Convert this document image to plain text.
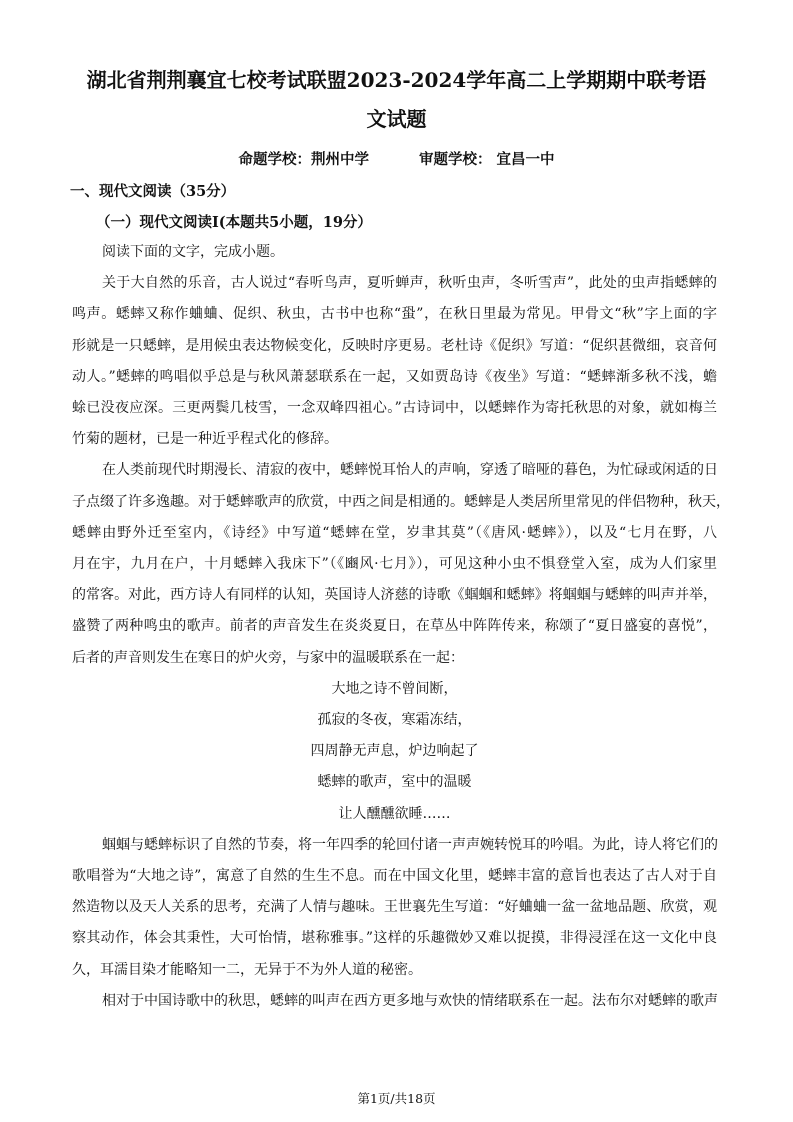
湖北省荆荆襄宜七校考试联盟2023-2024学年高二上学期期中联考语
文试题
命题学校：荆州中学	审题学校： 宜昌一中
一、现代文阅读（35分）
（一）现代文阅读Ⅰ(本题共5小题，19分）
阅读下面的文字，完成小题。
关于大自然的乐音，古人说过“春听鸟声，夏听蝉声，秋听虫声，冬听雪声”，此处的虫声指蟋蟀的
鸣声。蟋蟀又称作蛐蛐、促织、秋虫，古书中也称“蛩”，在秋日里最为常见。甲骨文“秋”字上面的字
形就是一只蟋蟀，是用候虫表达物候变化，反映时序更易。老杜诗《促织》写道：“促织甚微细，哀音何
动人。”蟋蟀的鸣唱似乎总是与秋风萧瑟联系在一起，又如贾岛诗《夜坐》写道：“蟋蟀渐多秋不浅，蟾
蜍已没夜应深。三更两鬓几枝雪，一念双峰四祖心。”古诗词中，以蟋蟀作为寄托秋思的对象，就如梅兰
竹菊的题材，已是一种近乎程式化的修辞。
在人类前现代时期漫长、清寂的夜中，蟋蟀悦耳怡人的声响，穿透了暗哑的暮色，为忙碌或闲适的日
子点缀了许多逸趣。对于蟋蟀歌声的欣赏，中西之间是相通的。蟋蟀是人类居所里常见的伴侣物种，秋天，
蟋蟀由野外迁至室内，《诗经》中写道“蟋蟀在堂，岁聿其莫”（《唐风·蟋蟀》），以及“七月在野，八
月在宇，九月在户，十月蟋蟀入我床下”（《豳风·七月》），可见这种小虫不惧登堂入室，成为人们家里
的常客。对此，西方诗人有同样的认知，英国诗人济慈的诗歌《蝈蝈和蟋蟀》将蝈蝈与蟋蟀的叫声并举，
盛赞了两种鸣虫的歌声。前者的声音发生在炎炎夏日，在草丛中阵阵传来，称颂了“夏日盛宴的喜悦”，
后者的声音则发生在寒日的炉火旁，与家中的温暖联系在一起：
大地之诗不曾间断，
孤寂的冬夜，寒霜冻结，
四周静无声息，炉边响起了
蟋蟀的歌声，室中的温暖
让人醺醺欲睡……
蝈蝈与蟋蟀标识了自然的节奏，将一年四季的轮回付诸一声声婉转悦耳的吟唱。为此，诗人将它们的
歌唱誉为“大地之诗”，寓意了自然的生生不息。而在中国文化里，蟋蟀丰富的意旨也表达了古人对于自
然造物以及天人关系的思考，充满了人情与趣味。王世襄先生写道：“好蛐蛐一盆一盆地品题、欣赏，观
察其动作，体会其秉性，大可怡情，堪称雅事。”这样的乐趣微妙又难以捉摸，非得浸淫在这一文化中良
久，耳濡目染才能略知一二，无异于不为外人道的秘密。
相对于中国诗歌中的秋思，蟋蟀的叫声在西方更多地与欢快的情绪联系在一起。法布尔对蟋蟀的歌声
第1页/共18页
